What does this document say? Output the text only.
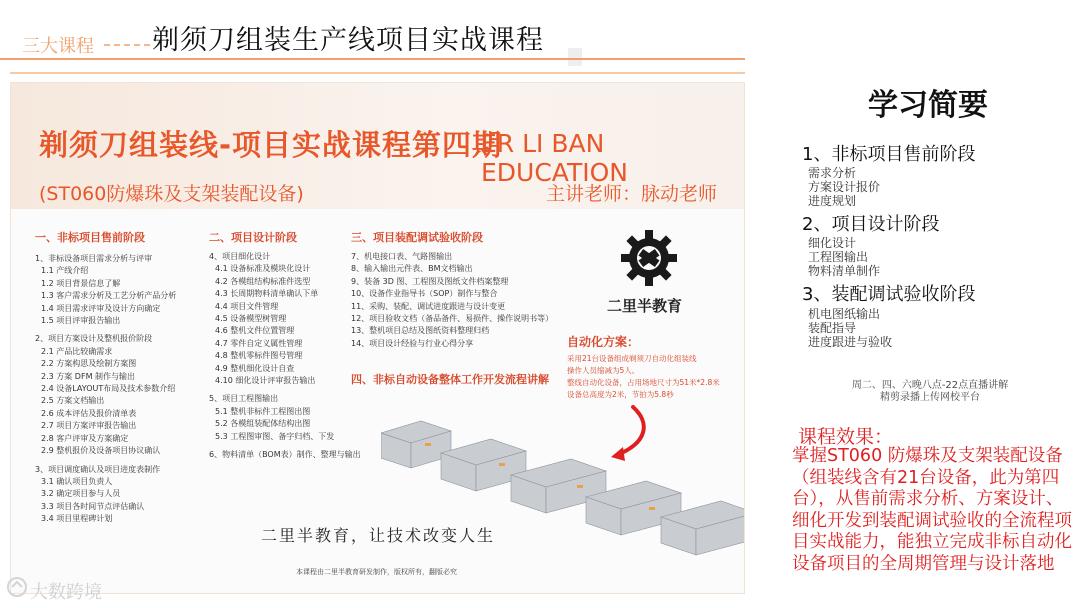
三大课程 剃须刀组装生产线项目实战课程
剃须刀组装线-项目实战课程第四期
ER LI BAN EDUCATION
(ST060防爆珠及支架装配设备)	主讲老师：脉动老师
一、非标项目售前阶段
1、非标设备项目需求分析与评审
1.1 产线介绍
1.2 项目背景信息了解
1.3 客户需求分析及工艺分析产品分析
1.4 项目需求评审及设计方向确定
1.5 项目评审报告输出
2、项目方案设计及整机报价阶段
2.1 产品比较确需求
2.2 方案构思及绘制方案图
2.3 方案 DFM 制作与输出
2.4 设备LAYOUT布局及技术参数介绍
2.5 方案文档输出
2.6 成本评估及报价清单表
2.7 项目方案评审报告输出
2.8 客户评审及方案确定
2.9 整机报价及设备项目协议确认
3、项目调度确认及项目进度表制作
3.1 确认项目负责人
3.2 确定项目参与人员
3.3 项目各时间节点评估确认
3.4 项目里程碑计划
二、项目设计阶段
4、项目细化设计
4.1 设备标准及模块化设计
4.2 各模组结构标准件选型
4.3 长周期物料清单确认下单
4.4 项目文件管理
4.5 设备模型树管理
4.6 整机文件位置管理
4.7 零件自定义属性管理
4.8 整机零标件图号管理
4.9 整机细化设计自查
4.10 细化设计评审报告输出
5、项目工程图输出
5.1 整机非标件工程图出图
5.2 各模组装配体结构出图
5.3 工程图审图、备字归档、下发
6、物料清单（BOM表）制作、整理与输出
三、项目装配调试验收阶段
7、机电接口表、气路图输出
8、输入输出元件表、BM文档输出
9、装备 3D 图、工程图及图纸文件档案整理
10、设备作业指导书（SOP）制作与整合
11、采购、装配、调试进度跟进与设计变更
12、项目验收文档（备品备件、易损件、操作说明书等）
13、整机项目总结及图纸资料整理归档
14、项目设计经验与行业心得分享
四、非标自动设备整体工作开发流程讲解
二里半教育
自动化方案：
采用21台设备组成剃须刀自动化组装线
操作人员缩减为5人。
整线自动化设备，占用场地尺寸为51米*2.8米
设备总高度为2米，节拍为5.8秒
二里半教育，让技术改变人生
本课程由二里半教育研发制作，版权所有，翻版必究
学习简要
1、非标项目售前阶段
需求分析
方案设计报价
进度规划
2、项目设计阶段
细化设计
工程图输出
物料清单制作
3、装配调试验收阶段
机电图纸输出
装配指导
进度跟进与验收
周二、四、六晚八点-22点直播讲解
精剪录播上传网校平台
课程效果：
掌握ST060 防爆珠及支架装配设备（组装线含有21台设备，此为第四台），从售前需求分析、方案设计、细化开发到装配调试验收的全流程项目实战能力，能独立完成非标自动化设备项目的全周期管理与设计落地
大数跨境
